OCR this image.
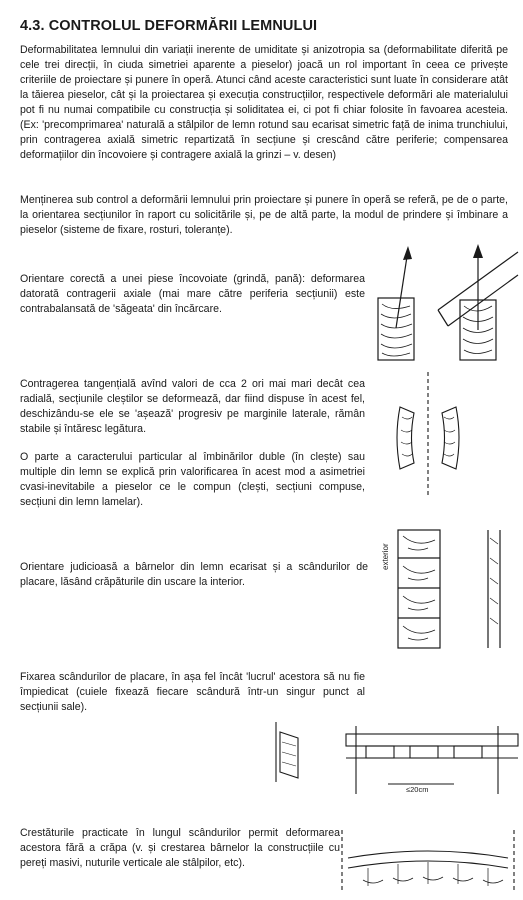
4.3. CONTROLUL DEFORMĂRII LEMNULUI

Deformabilitatea lemnului din variații inerente de umiditate și anizotropia sa (deformabilitate diferită pe cele trei direcții, în ciuda simetriei aparente a pieselor) joacă un rol important în ceea ce privește criteriile de proiectare și punere în operă. Atunci când aceste caracteristici sunt luate în considerare atât la tăierea pieselor, cât și la proiectarea și execuția construcțiilor, respectivele deformări ale materialului pot fi nu numai compatibile cu construcția și soliditatea ei, ci pot fi chiar folosite în favoarea acesteia. (Ex: 'precomprimarea' naturală a stâlpilor de lemn rotund sau ecarisat simetric față de inima trunchiului, prin contragerea axială simetric repartizată în secțiune și crescând către periferie; compensarea deformațiilor din încovoiere și contragere axială la grinzi – v. desen)

Menținerea sub control a deformării lemnului prin proiectare și punere în operă se referă, pe de o parte, la orientarea secțiunilor în raport cu solicitările și, pe de altă parte, la modul de prindere și îmbinare a pieselor (sisteme de fixare, rosturi, toleranțe).

Orientare corectă a unei piese încovoiate (grindă, pană): deformarea datorată contragerii axiale (mai mare către periferia secțiunii) este contrabalansată de 'săgeata' din încărcare.

Contragerea tangențială avînd valori de cca 2 ori mai mari decât cea radială, secțiunile cleștilor se deformează, dar fiind dispuse în acest fel, deschizându-se ele se 'așează' progresiv pe marginile laterale, rămân stabile și întăresc legătura.

O parte a caracterului particular al îmbinărilor duble (în clește) sau multiple din lemn se explică prin valorificarea în acest mod a asimetriei cvasi-inevitabile a pieselor ce le compun (clești, secțiuni compuse, secțiuni din lemn lamelar).

Orientare judicioasă a bârnelor din lemn ecarisat și a scândurilor de placare, lăsând crăpăturile din uscare la interior.

Fixarea scândurilor de placare, în așa fel încât 'lucrul' acestora să nu fie împiedicat (cuiele fixează fiecare scândură într-un singur punct al secțiunii sale).

Crestăturile practicate în lungul scândurilor permit deformarea acestora fără a crăpa (v. și crestarea bârnelor la construcțiile cu pereți masivi, nuturile verticale ale stâlpilor, etc).

exterior
≤20cm
